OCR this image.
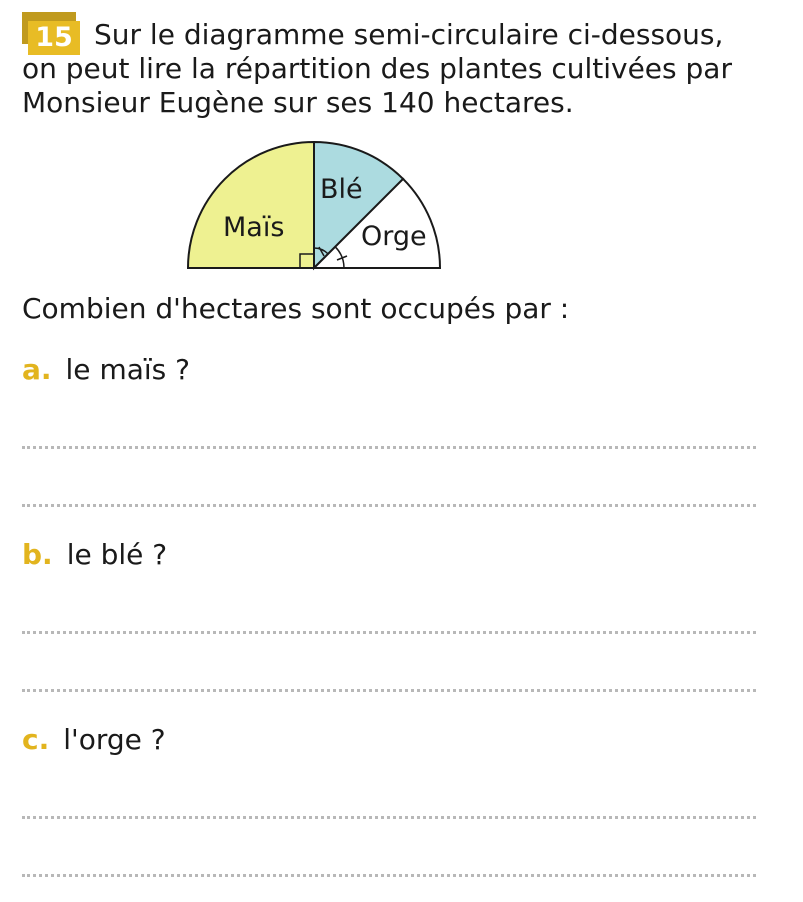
15 Sur le diagramme semi-circulaire ci-dessous,
on peut lire la répartition des plantes cultivées par
Monsieur Eugène sur ses 140 hectares.
Maïs
Blé
Orge
Combien d'hectares sont occupés par :
a. le maïs ?
b. le blé ?
c. l'orge ?
